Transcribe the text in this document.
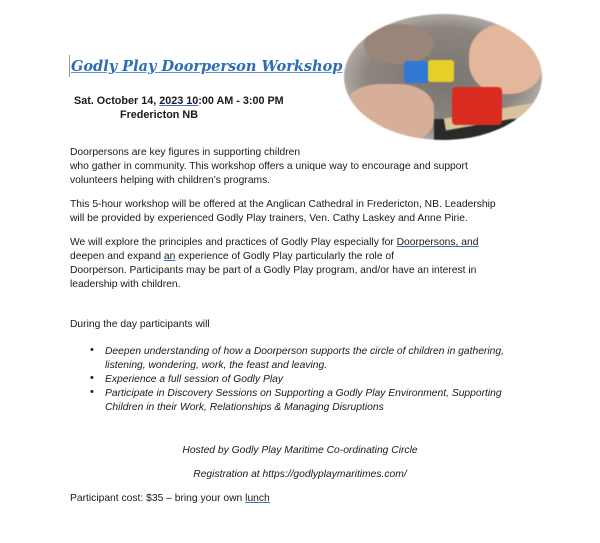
Godly Play Doorperson Workshop
Sat. October 14, 2023 10:00 AM - 3:00 PM
Fredericton NB
Doorpersons are key figures in supporting children
who gather in community. This workshop offers a unique way to encourage and support
volunteers helping with children’s programs.
This 5-hour workshop will be offered at the Anglican Cathedral in Fredericton, NB. Leadership
will be provided by experienced Godly Play trainers, Ven. Cathy Laskey and Anne Pirie.
We will explore the principles and practices of Godly Play especially for Doorpersons, and
deepen and expand an experience of Godly Play particularly the role of
Doorperson. Participants may be part of a Godly Play program, and/or have an interest in
leadership with children.
During the day participants will
• Deepen understanding of how a Doorperson supports the circle of children in gathering,
listening, wondering, work, the feast and leaving.
• Experience a full session of Godly Play
• Participate in Discovery Sessions on Supporting a Godly Play Environment, Supporting
Children in their Work, Relationships & Managing Disruptions
Hosted by Godly Play Maritime Co-ordinating Circle
Registration at https://godlyplaymaritimes.com/
Participant cost: $35 – bring your own lunch
